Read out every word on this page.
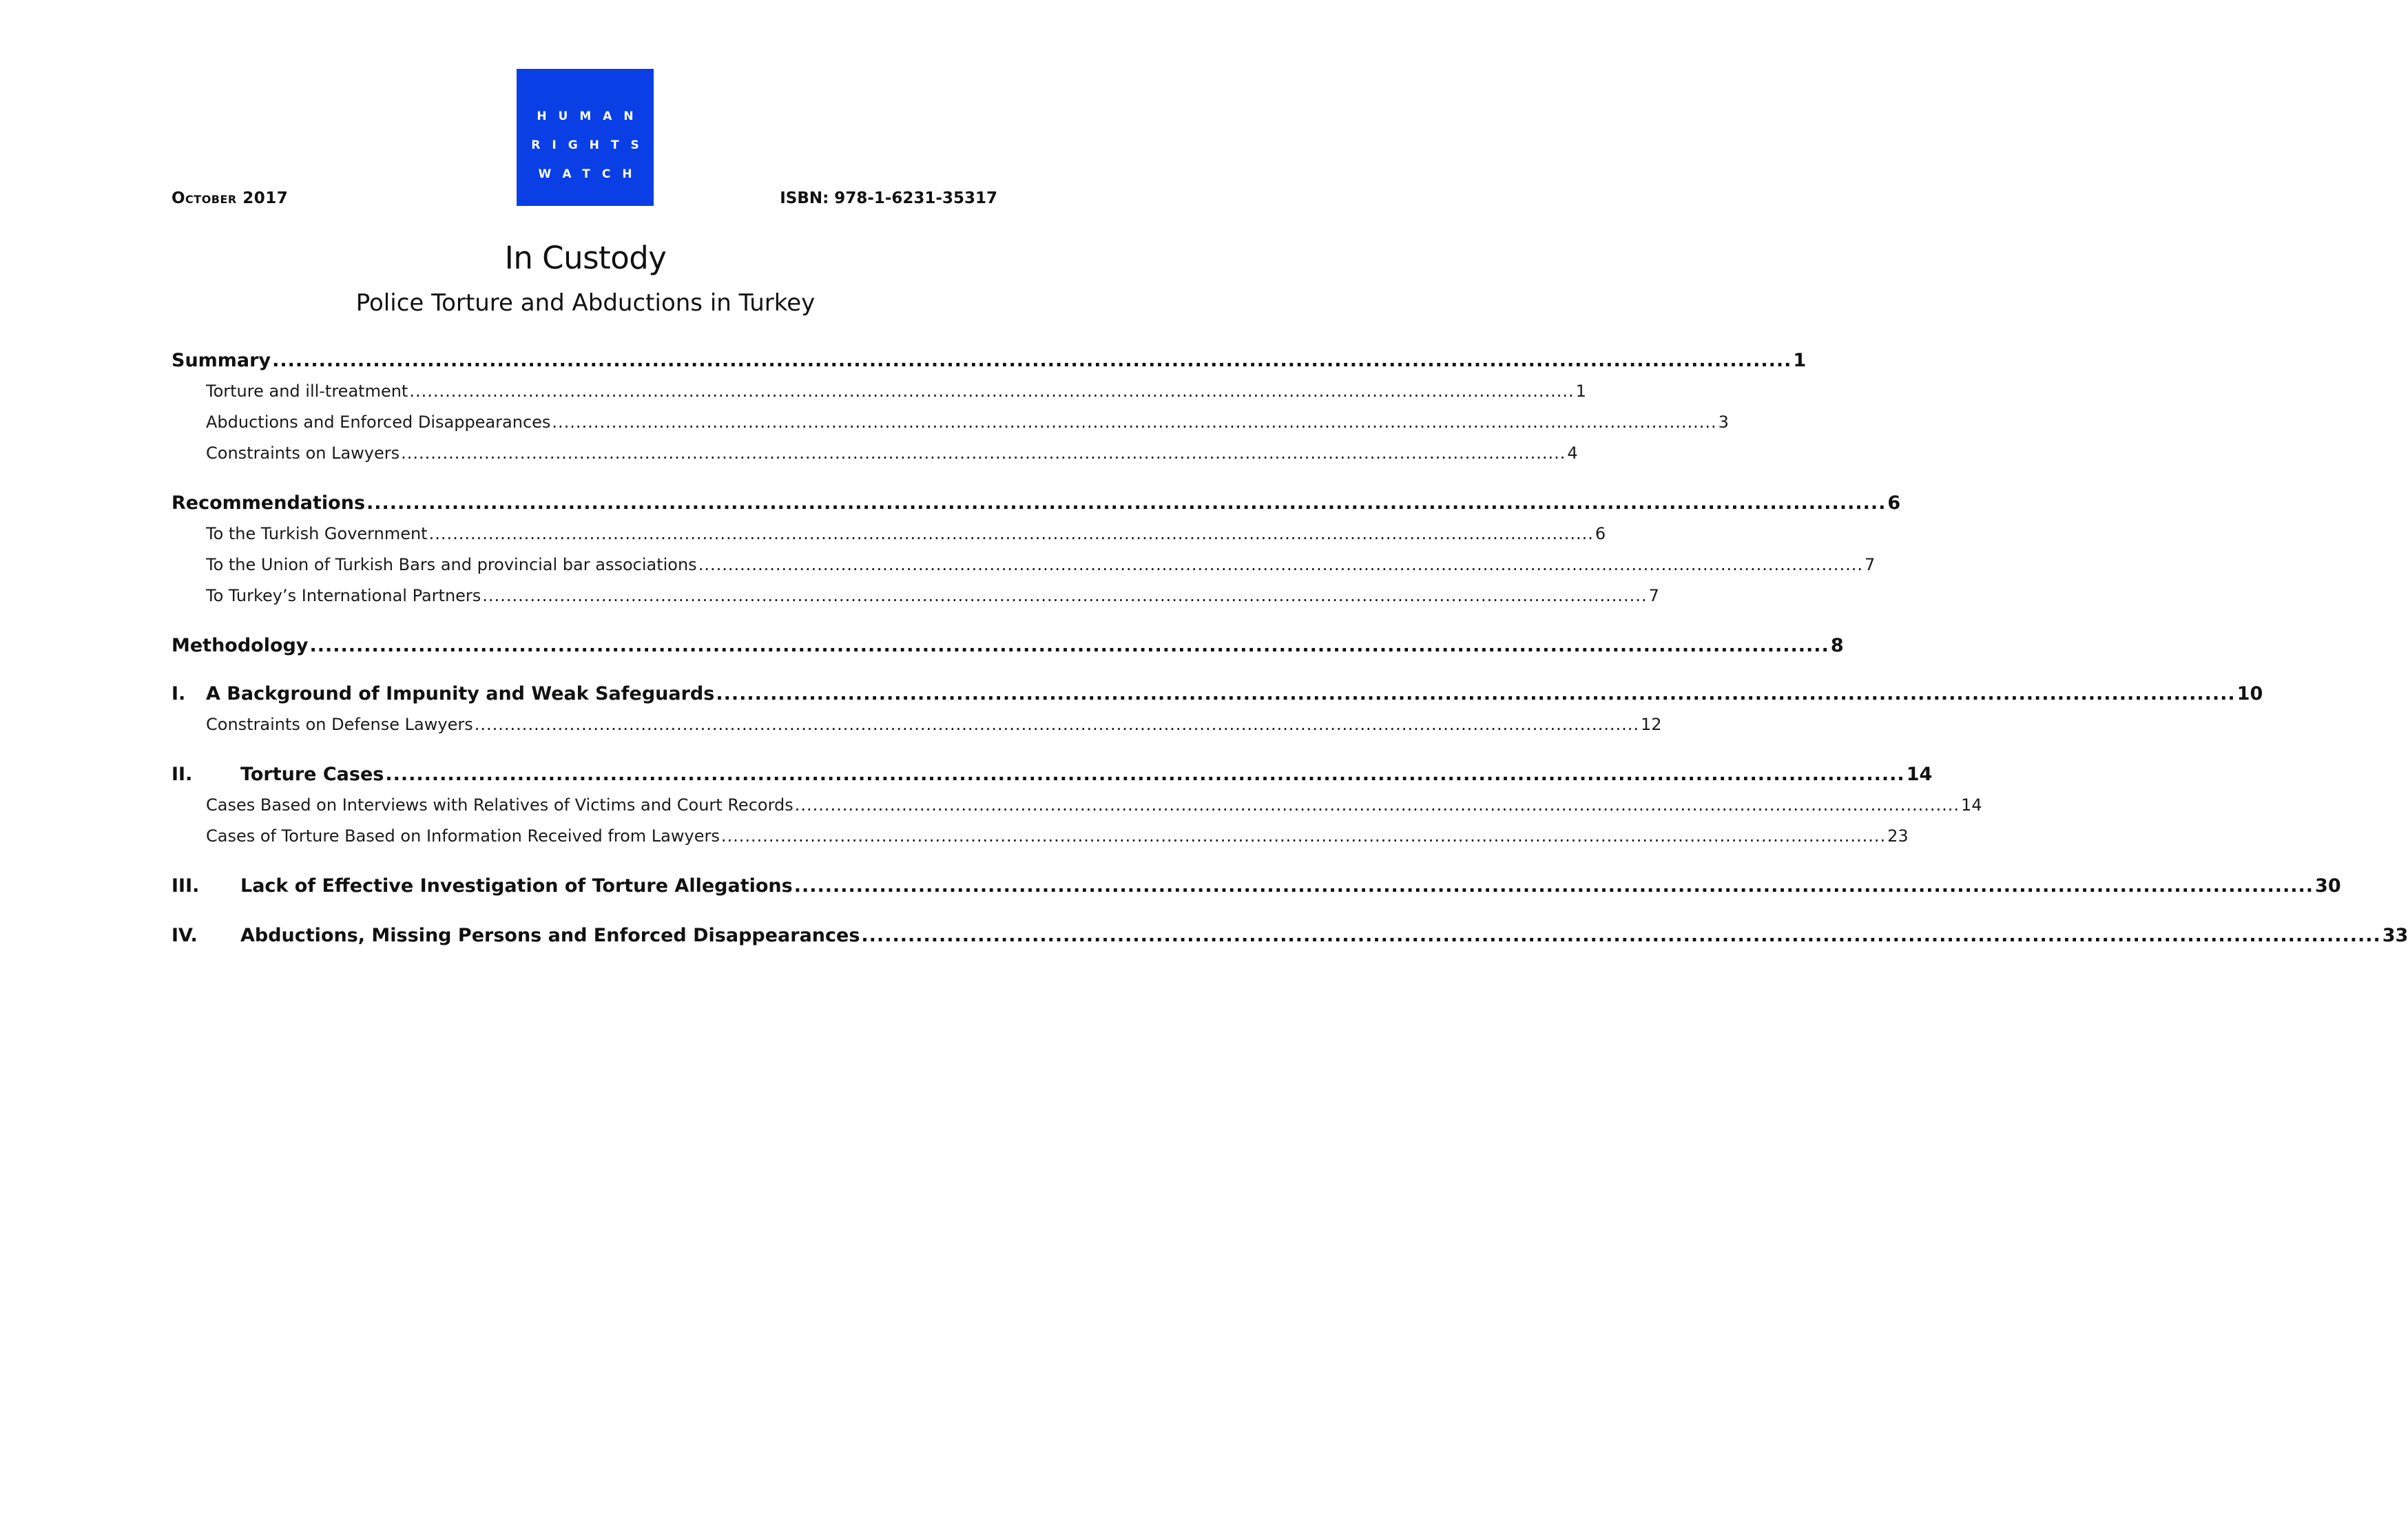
HUMAN
RIGHTS
WATCH
October 2017	ISBN: 978-1-6231-35317
In Custody
Police Torture and Abductions in Turkey
Summary .................................................................................................................................................................................................... 1
Torture and ill-treatment .................................................................................................................................................................................................... 1
Abductions and Enforced Disappearances .................................................................................................................................................................................................... 3
Constraints on Lawyers .................................................................................................................................................................................................... 4
Recommendations .................................................................................................................................................................................................... 6
To the Turkish Government .................................................................................................................................................................................................... 6
To the Union of Turkish Bars and provincial bar associations .................................................................................................................................................................................................... 7
To Turkey’s International Partners .................................................................................................................................................................................................... 7
Methodology .................................................................................................................................................................................................... 8
I.	A Background of Impunity and Weak Safeguards .................................................................................................................................................................................................... 10
Constraints on Defense Lawyers .................................................................................................................................................................................................... 12
II.	Torture Cases .................................................................................................................................................................................................... 14
Cases Based on Interviews with Relatives of Victims and Court Records .................................................................................................................................................................................................... 14
Cases of Torture Based on Information Received from Lawyers .................................................................................................................................................................................................... 23
III.	Lack of Effective Investigation of Torture Allegations .................................................................................................................................................................................................... 30
IV.	Abductions, Missing Persons and Enforced Disappearances .................................................................................................................................................................................................... 33
